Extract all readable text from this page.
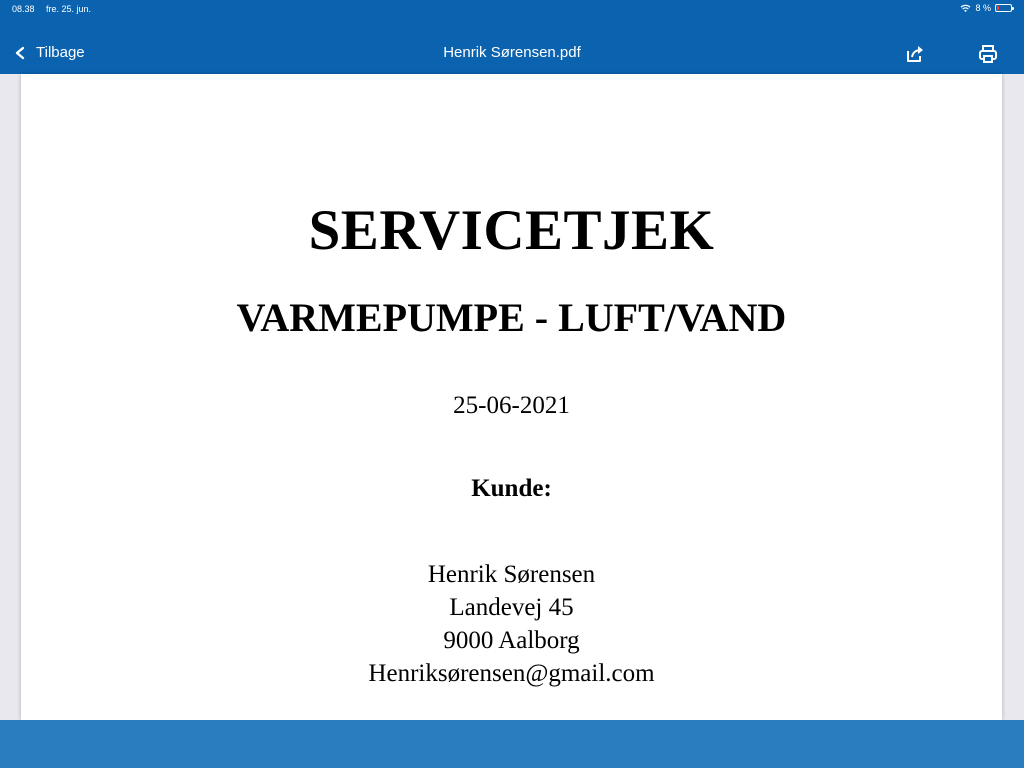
08.38 fre. 25. jun.	8 %
Tilbage	Henrik Sørensen.pdf
SERVICETJEK
VARMEPUMPE - LUFT/VAND
25-06-2021
Kunde:
Henrik Sørensen
Landevej 45
9000 Aalborg
Henriksørensen@gmail.com
